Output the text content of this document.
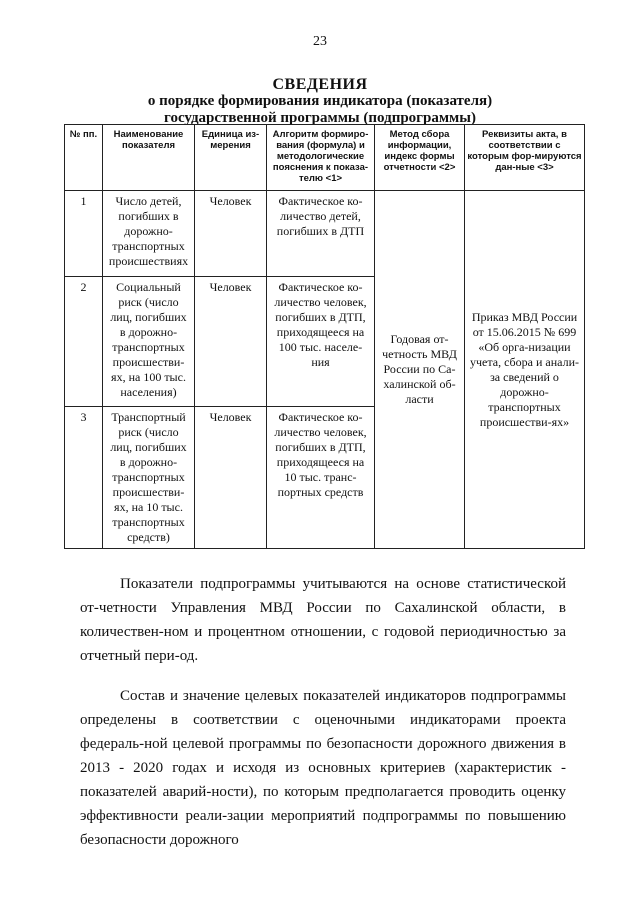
23
СВЕДЕНИЯ
о порядке формирования индикатора (показателя)
государственной программы (подпрограммы)
№ пп.	Наименование показателя	Единица из-мерения	Алгоритм формиро-вания (формула) и методологические пояснения к показа-телю <1>	Метод сбора информации, индекс формы отчетности <2>	Реквизиты акта, в соответствии с которым фор-мируются дан-ные <3>
1	Число детей, погибших в дорожно-транспортных происшествиях	Человек	Фактическое ко-личество детей, погибших в ДТП	Годовая от-четность МВД России по Са-халинской об-ласти	Приказ МВД России от 15.06.2015 № 699 «Об орга-низации учета, сбора и анали-за сведений о дорожно-транспортных происшестви-ях»
2	Социальный риск (число лиц, погибших в дорожно-транспортных происшестви-ях, на 100 тыс. населения)	Человек	Фактическое ко-личество человек, погибших в ДТП, приходящееся на 100 тыс. населе-ния		
3	Транспортный риск (число лиц, погибших в дорожно-транспортных происшестви-ях, на 10 тыс. транспортных средств)	Человек	Фактическое ко-личество человек, погибших в ДТП, приходящееся на 10 тыс. транс-портных средств		

Показатели подпрограммы учитываются на основе статистической от-четности Управления МВД России по Сахалинской области, в количествен-ном и процентном отношении, с годовой периодичностью за отчетный пери-од.

Состав и значение целевых показателей индикаторов подпрограммы определены в соответствии с оценочными индикаторами проекта федераль-ной целевой программы по безопасности дорожного движения в 2013 - 2020 годах и исходя из основных критериев (характеристик - показателей аварий-ности), по которым предполагается проводить оценку эффективности реали-зации мероприятий подпрограммы по повышению безопасности дорожного
